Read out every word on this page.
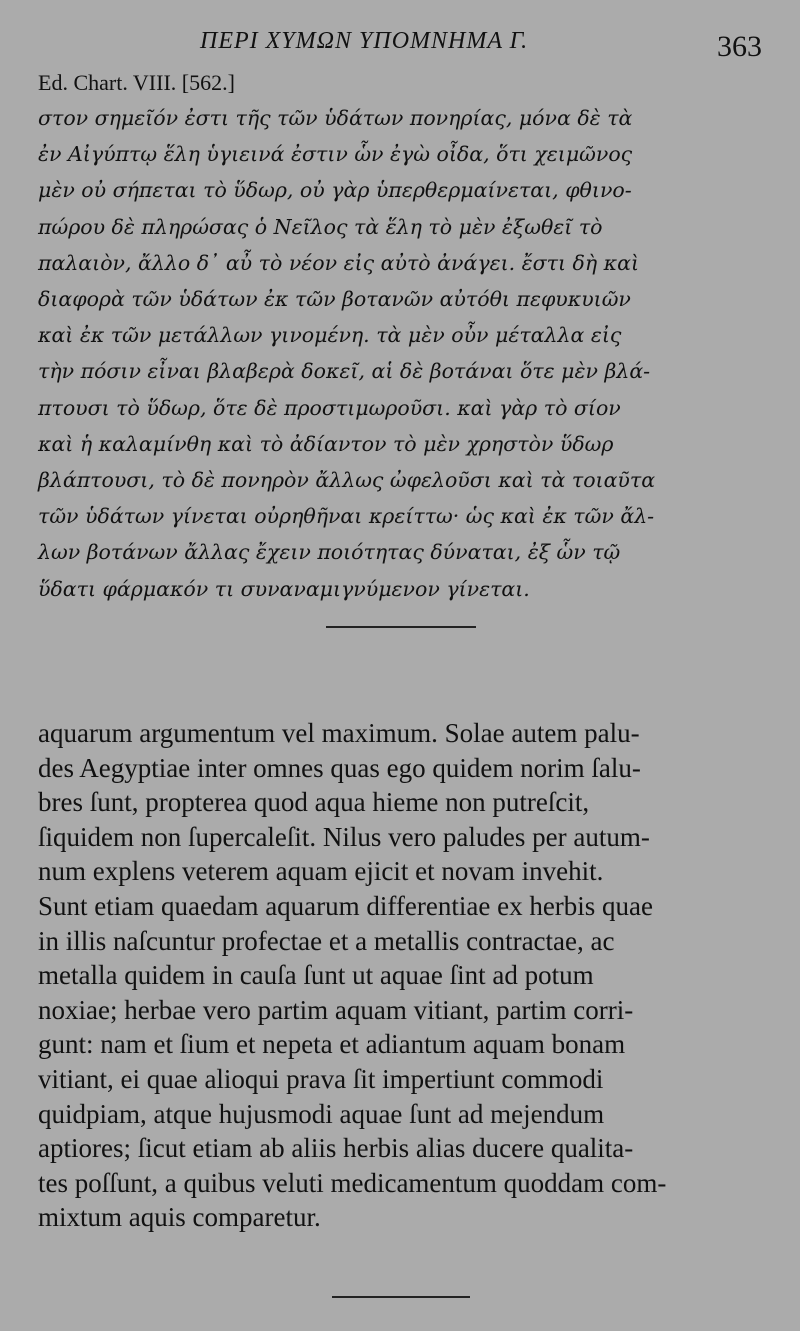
ΠΕΡΙ ΧΥΜΩΝ ΥΠΟΜΝΗΜΑ Γ.	363
Ed. Chart. VIII. [562.]
στον σημεῖόν ἐστι τῆς τῶν ὑδάτων πονηρίας, μόνα δὲ τὰ
ἐν Αἰγύπτῳ ἕλη ὑγιεινά ἐστιν ὧν ἐγὼ οἶδα, ὅτι χειμῶνος
μὲν οὐ σήπεται τὸ ὕδωρ, οὐ γὰρ ὑπερθερμαίνεται, φθινο-
πώρου δὲ πληρώσας ὁ Νεῖλος τὰ ἕλη τὸ μὲν ἐξωθεῖ τὸ
παλαιὸν, ἄλλο δ᾽ αὖ τὸ νέον εἰς αὐτὸ ἀνάγει. ἔστι δὴ καὶ
διαφορὰ τῶν ὑδάτων ἐκ τῶν βοτανῶν αὐτόθι πεφυκυιῶν
καὶ ἐκ τῶν μετάλλων γινομένη. τὰ μὲν οὖν μέταλλα εἰς
τὴν πόσιν εἶναι βλαβερὰ δοκεῖ, αἱ δὲ βοτάναι ὅτε μὲν βλά-
πτουσι τὸ ὕδωρ, ὅτε δὲ προστιμωροῦσι. καὶ γὰρ τὸ σίον
καὶ ἡ καλαμίνθη καὶ τὸ ἀδίαντον τὸ μὲν χρηστὸν ὕδωρ
βλάπτουσι, τὸ δὲ πονηρὸν ἄλλως ὠφελοῦσι καὶ τὰ τοιαῦτα
τῶν ὑδάτων γίνεται οὐρηθῆναι κρείττω· ὡς καὶ ἐκ τῶν ἄλ-
λων βοτάνων ἄλλας ἔχειν ποιότητας δύναται, ἐξ ὧν τῷ
ὕδατι φάρμακόν τι συναναμιγνύμενον γίνεται.
aquarum argumentum vel maximum. Solae autem palu-
des Aegyptiae inter omnes quas ego quidem norim ſalu-
bres ſunt, propterea quod aqua hieme non putreſcit,
ſiquidem non ſupercaleſit. Nilus vero paludes per autum-
num explens veterem aquam ejicit et novam invehit.
Sunt etiam quaedam aquarum differentiae ex herbis quae
in illis naſcuntur profectae et a metallis contractae, ac
metalla quidem in cauſa ſunt ut aquae ſint ad potum
noxiae; herbae vero partim aquam vitiant, partim corri-
gunt: nam et ſium et nepeta et adiantum aquam bonam
vitiant, ei quae alioqui prava ſit impertiunt commodi
quidpiam, atque hujusmodi aquae ſunt ad mejendum
aptiores; ſicut etiam ab aliis herbis alias ducere qualita-
tes poſſunt, a quibus veluti medicamentum quoddam com-
mixtum aquis comparetur.
